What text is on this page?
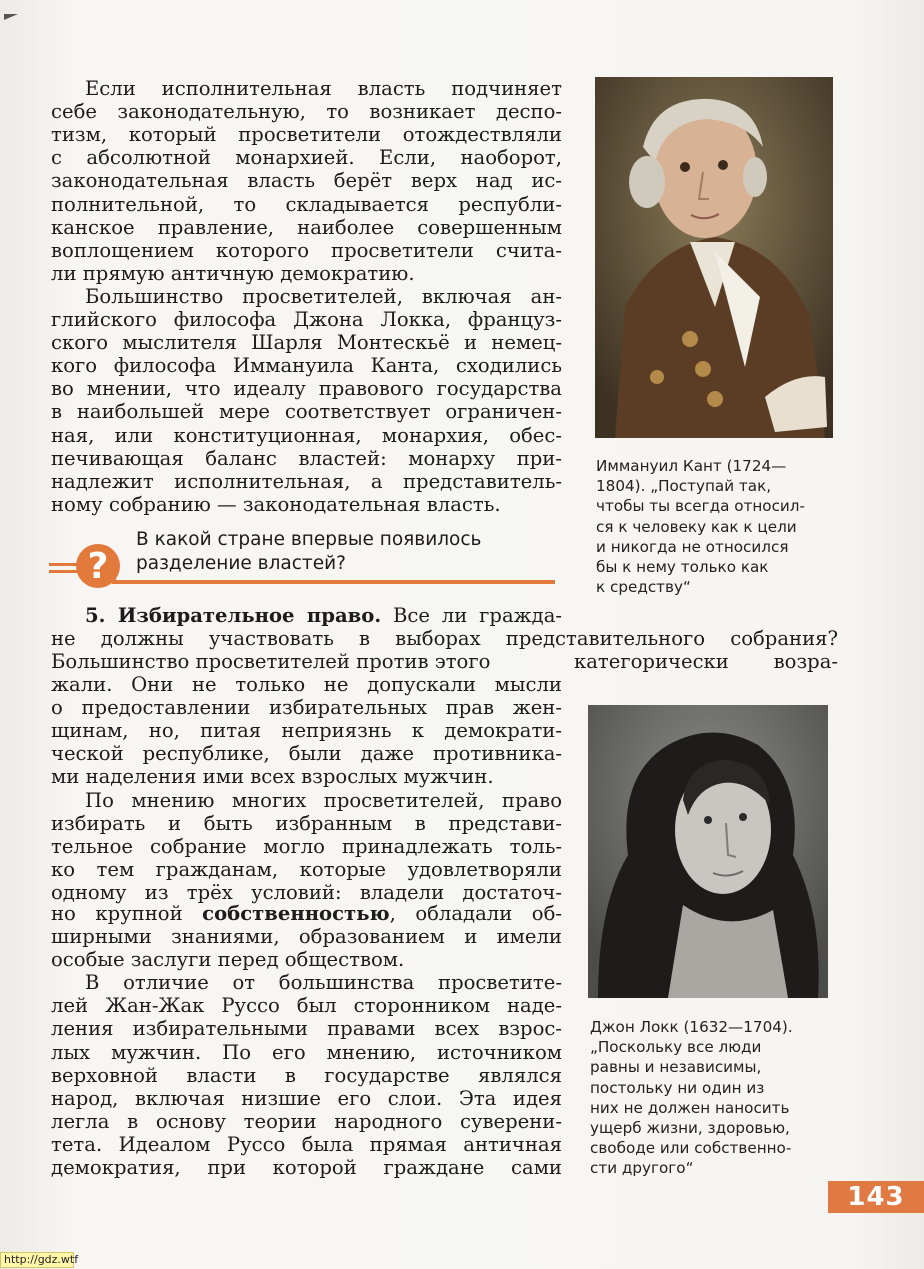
Если исполнительная власть подчиняет
себе законодательную, то возникает деспо-
тизм, который просветители отождествляли
с абсолютной монархией. Если, наоборот,
законодательная власть берёт верх над ис-
полнительной, то складывается республи-
канское правление, наиболее совершенным
воплощением которого просветители счита-
ли прямую античную демократию.
Большинство просветителей, включая ан-
глийского философа Джона Локка, француз-
ского мыслителя Шарля Монтескьё и немец-
кого философа Иммануила Канта, сходились
во мнении, что идеалу правового государства
в наибольшей мере соответствует ограничен-
ная, или конституционная, монархия, обес-
печивающая баланс властей: монарху при-
надлежит исполнительная, а представитель-
ному собранию — законодательная власть.
?
В какой стране впервые появилось разделение властей?
5. Избирательное право. Все ли гражда-
не должны участвовать в выборах представительного собрания?
Большинство просветителей против этого	категорически возра-
жали. Они не только не допускали мысли
о предоставлении избирательных прав жен-
щинам, но, питая неприязнь к демократи-
ческой республике, были даже противника-
ми наделения ими всех взрослых мужчин.
По мнению многих просветителей, право
избирать и быть избранным в представи-
тельное собрание могло принадлежать толь-
ко тем гражданам, которые удовлетворяли
одному из трёх условий: владели достаточ-
но крупной собственностью, обладали об-
ширными знаниями, образованием и имели
особые заслуги перед обществом.
В отличие от большинства просветите-
лей Жан-Жак Руссо был сторонником наде-
ления избирательными правами всех взрос-
лых мужчин. По его мнению, источником
верховной власти в государстве являлся
народ, включая низшие его слои. Эта идея
легла в основу теории народного суверени-
тета. Идеалом Руссо была прямая античная
демократия, при которой граждане сами
Иммануил Кант (1724—
1804). „Поступай так,
чтобы ты всегда относил-
ся к человеку как к цели
и никогда не относился
бы к нему только как
к средству“
Джон Локк (1632—1704).
„Поскольку все люди
равны и независимы,
постольку ни один из
них не должен наносить
ущерб жизни, здоровью,
свободе или собственно-
сти другого“
143
http://gdz.wtf
